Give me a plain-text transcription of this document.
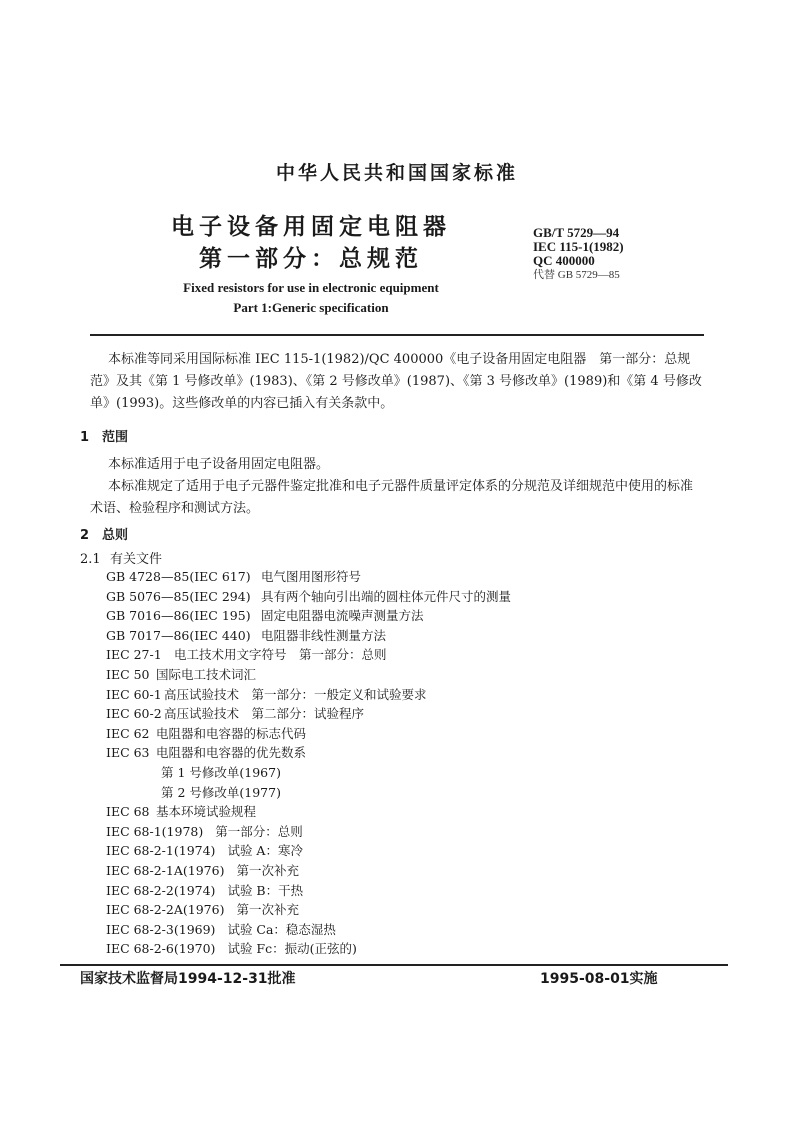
中华人民共和国国家标准
电子设备用固定电阻器
第一部分：总规范
GB/T 5729—94
IEC 115-1(1982)
QC 400000
代替 GB 5729—85
Fixed resistors for use in electronic equipment
Part 1:Generic specification

本标准等同采用国际标准 IEC 115-1(1982)/QC 400000《电子设备用固定电阻器　第一部分：总规范》及其《第 1 号修改单》(1983)、《第 2 号修改单》(1987)、《第 3 号修改单》(1989)和《第 4 号修改单》(1993)。这些修改单的内容已插入有关条款中。

1 范围

本标准适用于电子设备用固定电阻器。

本标准规定了适用于电子元器件鉴定批准和电子元器件质量评定体系的分规范及详细规范中使用的标准术语、检验程序和测试方法。

2 总则
2.1 有关文件
GB 4728—85(IEC 617) 电气图用图形符号
GB 5076—85(IEC 294) 具有两个轴向引出端的圆柱体元件尺寸的测量
GB 7016—86(IEC 195) 固定电阻器电流噪声测量方法
GB 7017—86(IEC 440) 电阻器非线性测量方法
IEC 27-1 电工技术用文字符号　第一部分：总则
IEC 50 国际电工技术词汇
IEC 60-1 高压试验技术　第一部分：一般定义和试验要求
IEC 60-2 高压试验技术　第二部分：试验程序
IEC 62 电阻器和电容器的标志代码
IEC 63 电阻器和电容器的优先数系
第 1 号修改单(1967)
第 2 号修改单(1977)
IEC 68 基本环境试验规程
IEC 68-1(1978) 第一部分：总则
IEC 68-2-1(1974) 试验 A：寒冷
IEC 68-2-1A(1976) 第一次补充
IEC 68-2-2(1974) 试验 B：干热
IEC 68-2-2A(1976) 第一次补充
IEC 68-2-3(1969) 试验 Ca：稳态湿热
IEC 68-2-6(1970) 试验 Fc：振动(正弦的)
国家技术监督局1994-12-31批准	1995-08-01实施
